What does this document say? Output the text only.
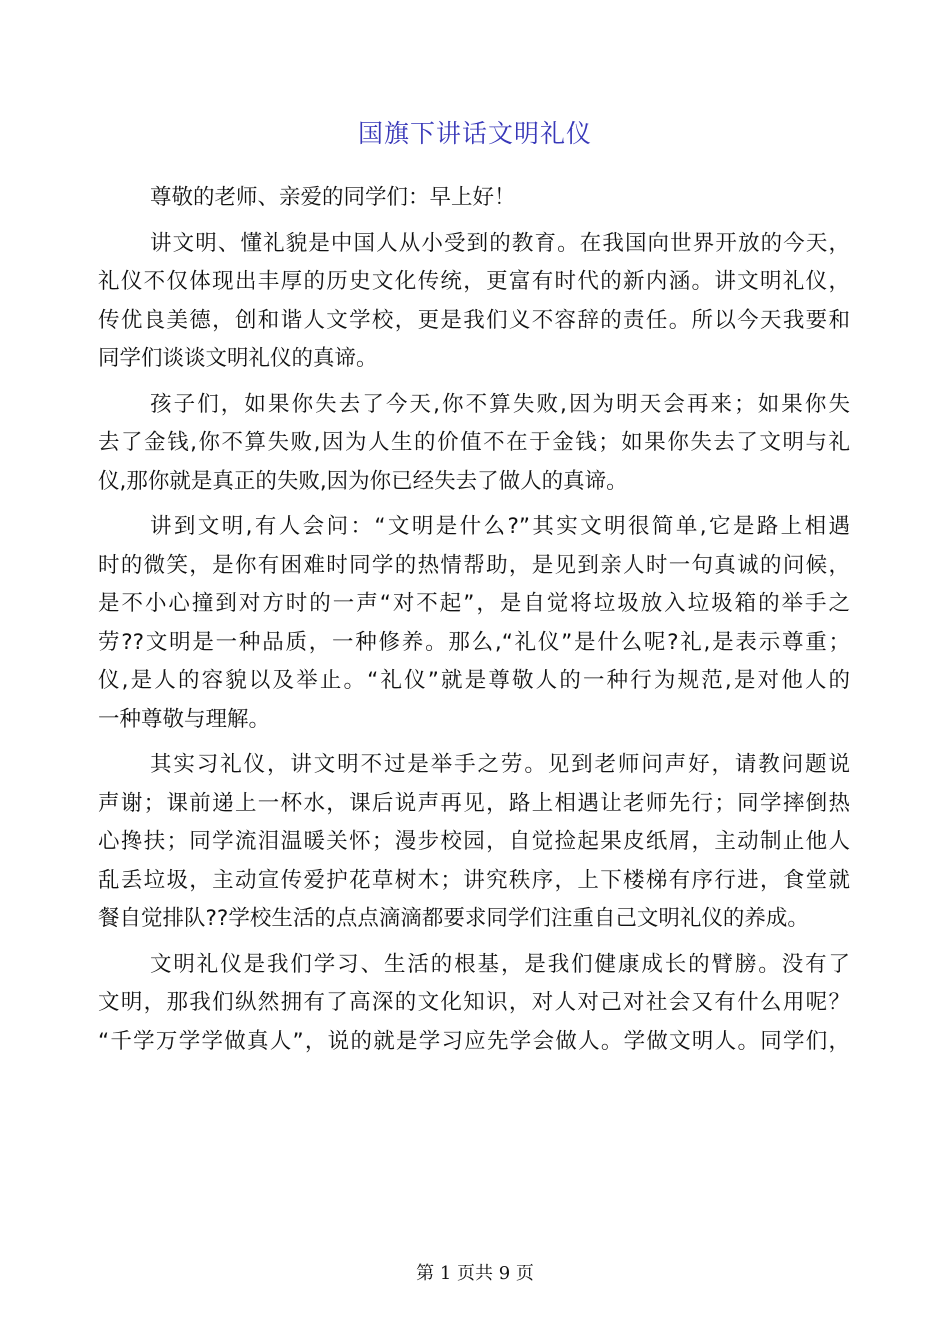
国旗下讲话文明礼仪
尊敬的老师、亲爱的同学们：早上好！
讲文明、懂礼貌是中国人从小受到的教育。在我国向世界开放的今天，
礼仪不仅体现出丰厚的历史文化传统，更富有时代的新内涵。讲文明礼仪，
传优良美德，创和谐人文学校，更是我们义不容辞的责任。所以今天我要和
同学们谈谈文明礼仪的真谛。
孩子们，如果你失去了今天,你不算失败,因为明天会再来；如果你失
去了金钱,你不算失败,因为人生的价值不在于金钱；如果你失去了文明与礼
仪,那你就是真正的失败,因为你已经失去了做人的真谛。
讲到文明,有人会问：“文明是什么?”其实文明很简单,它是路上相遇
时的微笑，是你有困难时同学的热情帮助，是见到亲人时一句真诚的问候，
是不小心撞到对方时的一声“对不起”，是自觉将垃圾放入垃圾箱的举手之
劳??文明是一种品质，一种修养。那么,“礼仪”是什么呢?礼,是表示尊重；
仪,是人的容貌以及举止。“礼仪”就是尊敬人的一种行为规范,是对他人的
一种尊敬与理解。
其实习礼仪，讲文明不过是举手之劳。见到老师问声好，请教问题说
声谢；课前递上一杯水，课后说声再见，路上相遇让老师先行；同学摔倒热
心搀扶；同学流泪温暖关怀；漫步校园，自觉捡起果皮纸屑，主动制止他人
乱丢垃圾，主动宣传爱护花草树木；讲究秩序，上下楼梯有序行进，食堂就
餐自觉排队??学校生活的点点滴滴都要求同学们注重自己文明礼仪的养成。
文明礼仪是我们学习、生活的根基，是我们健康成长的臂膀。没有了
文明，那我们纵然拥有了高深的文化知识，对人对己对社会又有什么用呢？
“千学万学学做真人”，说的就是学习应先学会做人。学做文明人。同学们，
第 1 页共 9 页
